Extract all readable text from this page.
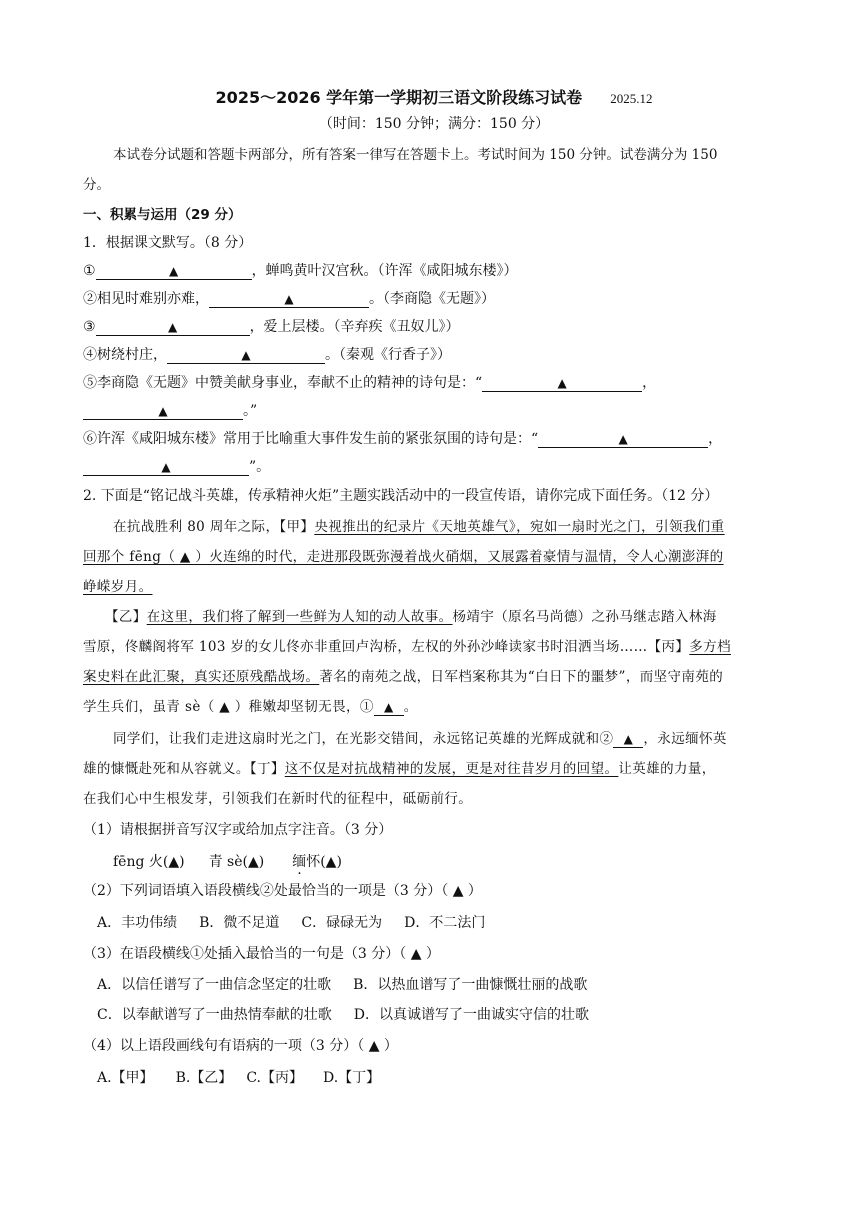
2025～2026 学年第一学期初三语文阶段练习试卷 2025.12
（时间：150 分钟；满分：150 分）
本试卷分试题和答题卡两部分，所有答案一律写在答题卡上。考试时间为 150 分钟。试卷满分为 150
分。
一、积累与运用（29 分）
1．根据课文默写。（8 分）
①	▲	，蝉鸣黄叶汉宫秋。（许浑《咸阳城东楼》）
②相见时难别亦难，	▲	。（李商隐《无题》）
③	▲	，爱上层楼。（辛弃疾《丑奴儿》）
④树绕村庄，	▲	。（秦观《行香子》）
⑤李商隐《无题》中赞美献身事业，奉献不止的精神的诗句是：“	▲	，
▲	。”
⑥许浑《咸阳城东楼》常用于比喻重大事件发生前的紧张氛围的诗句是：“	▲	，
▲	”。
2. 下面是“铭记战斗英雄，传承精神火炬”主题实践活动中的一段宣传语，请你完成下面任务。（12 分）
在抗战胜利 80 周年之际，【甲】央视推出的纪录片《天地英雄气》，宛如一扇时光之门，引领我们重
回那个 fēng（ ▲ ）火连绵的时代，走进那段既弥漫着战火硝烟，又展露着豪情与温情，令人心潮澎湃的
峥嵘岁月。
【乙】在这里，我们将了解到一些鲜为人知的动人故事。杨靖宇（原名马尚德）之孙马继志踏入林海
雪原，佟麟阁将军 103 岁的女儿佟亦非重回卢沟桥，左权的外孙沙峰读家书时泪洒当场……【丙】多方档
案史料在此汇聚，真实还原残酷战场。著名的南苑之战，日军档案称其为“白日下的噩梦”，而坚守南苑的
学生兵们，虽青 sè（ ▲ ）稚嫩却坚韧无畏，① ▲ 。
同学们，让我们走进这扇时光之门，在光影交错间，永远铭记英雄的光辉成就和② ▲ ，永远缅怀英
雄的慷慨赴死和从容就义。【丁】这不仅是对抗战精神的发展，更是对往昔岁月的回望。让英雄的力量，
在我们心中生根发芽，引领我们在新时代的征程中，砥砺前行。
（1）请根据拼音写汉字或给加点字注音。（3 分）
fēng 火(▲) 青 sè(▲) 缅怀(▲)
（2）下列词语填入语段横线②处最恰当的一项是（3 分）（ ▲ ）
A．丰功伟绩 B．微不足道 C．碌碌无为 D．不二法门
（3）在语段横线①处插入最恰当的一句是（3 分）（ ▲ ）
A．以信任谱写了一曲信念坚定的壮歌 B．以热血谱写了一曲慷慨壮丽的战歌
C．以奉献谱写了一曲热情奉献的壮歌 D．以真诚谱写了一曲诚实守信的壮歌
（4）以上语段画线句有语病的一项（3 分）（ ▲ ）
A.【甲】 B.【乙】 C.【丙】 D.【丁】
